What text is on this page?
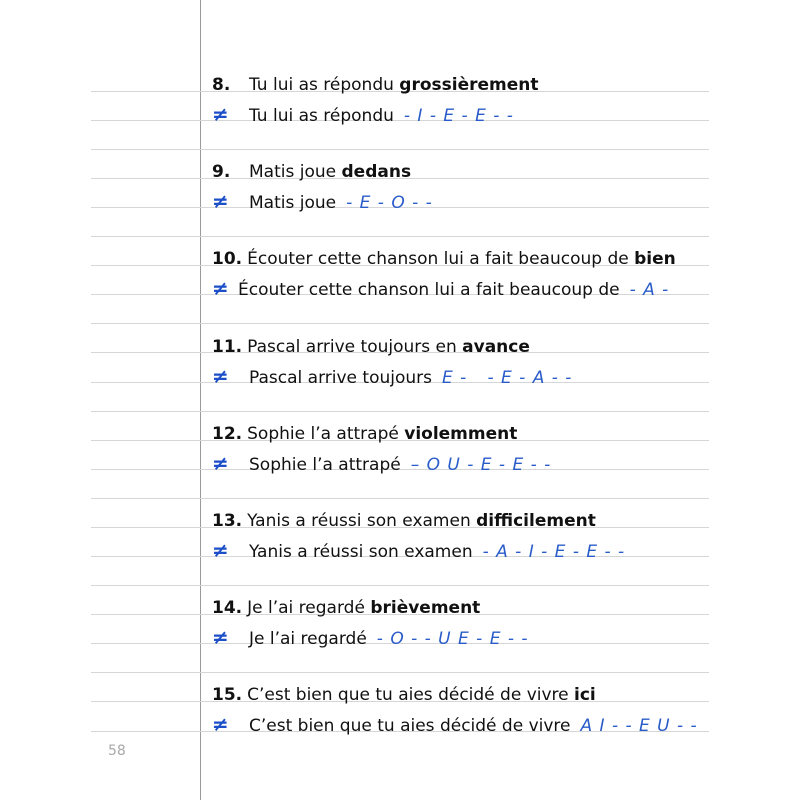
8. Tu lui as répondu grossièrement
≠ Tu lui as répondu - I - E - E - -
9. Matis joue dedans
≠ Matis joue - E - O - -
10. Écouter cette chanson lui a fait beaucoup de bien
≠ Écouter cette chanson lui a fait beaucoup de - A -
11. Pascal arrive toujours en avance
≠ Pascal arrive toujours E -   - E - A - -
12. Sophie l’a attrapé violemment
≠ Sophie l’a attrapé – O U - E - E - -
13. Yanis a réussi son examen difficilement
≠ Yanis a réussi son examen - A - I - E - E - -
14. Je l’ai regardé brièvement
≠ Je l’ai regardé - O - - U E - E - -
15. C’est bien que tu aies décidé de vivre ici
≠ C’est bien que tu aies décidé de vivre A I - - E U - -
58
